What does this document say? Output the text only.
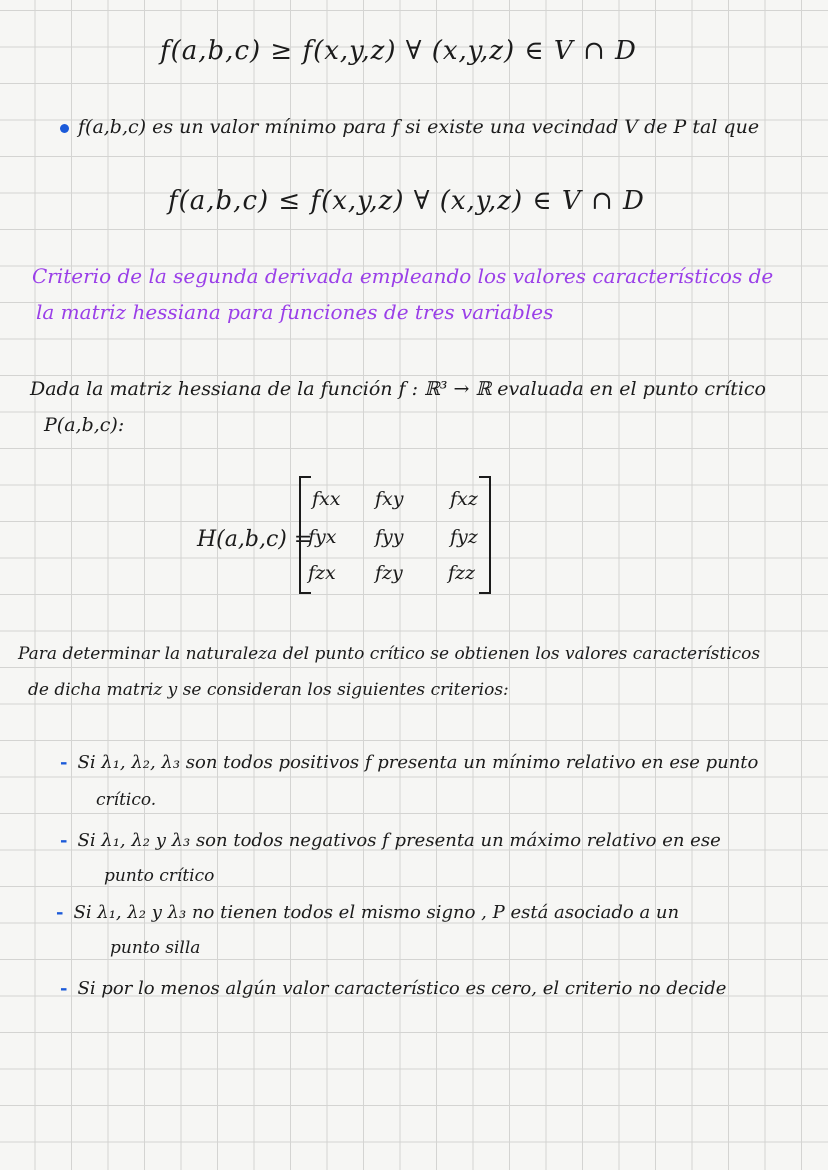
f(a,b,c) ≥ f(x,y,z) ∀ (x,y,z) ∈ V ∩ D
f(a,b,c) es un valor mínimo para f si existe una vecindad V de P tal que
f(a,b,c) ≤ f(x,y,z) ∀ (x,y,z) ∈ V ∩ D
Criterio de la segunda derivada empleando los valores característicos de
la matriz hessiana para funciones de tres variables
Dada la matriz hessiana de la función f : ℝ³ → ℝ evaluada en el punto crítico
P(a,b,c):
H(a,b,c) =
fxx fxy fxz
fyx fyy fyz
fzx fzy fzz
Para determinar la naturaleza del punto crítico se obtienen los valores característicos
de dicha matriz y se consideran los siguientes criterios:
- Si λ₁, λ₂, λ₃ son todos positivos f presenta un mínimo relativo en ese punto
crítico.
- Si λ₁, λ₂ y λ₃ son todos negativos f presenta un máximo relativo en ese
punto crítico
- Si λ₁, λ₂ y λ₃ no tienen todos el mismo signo , P está asociado a un
punto silla
- Si por lo menos algún valor característico es cero, el criterio no decide
